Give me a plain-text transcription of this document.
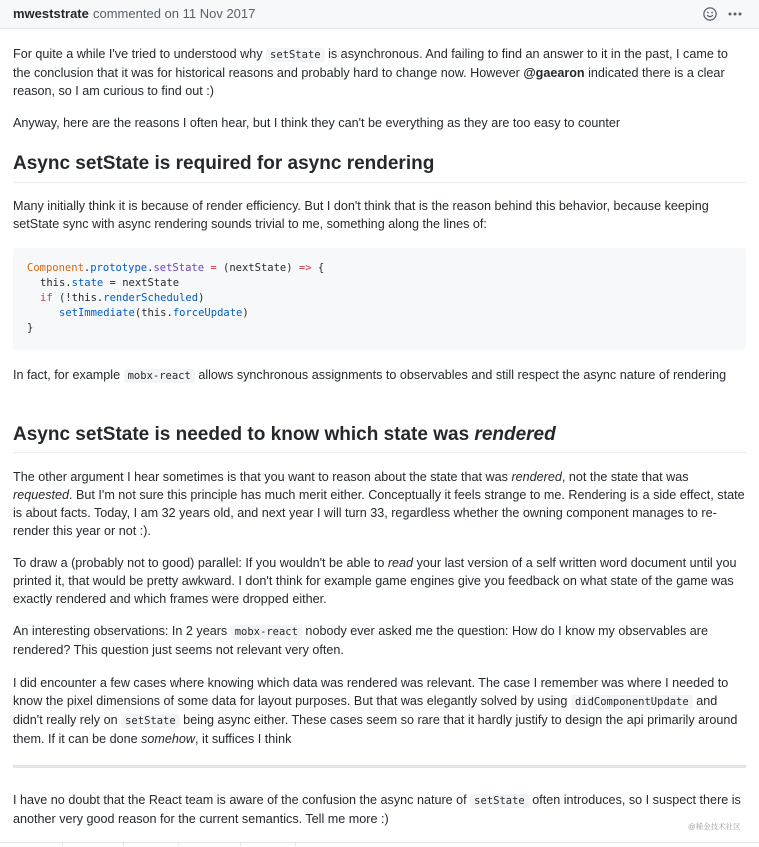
mweststrate commented on 11 Nov 2017

For quite a while I've tried to understood why setState is asynchronous. And failing to find an answer to it in the past, I came to the conclusion that it was for historical reasons and probably hard to change now. However @gaearon indicated there is a clear reason, so I am curious to find out :)

Anyway, here are the reasons I often hear, but I think they can't be everything as they are too easy to counter

Async setState is required for async rendering

Many initially think it is because of render efficiency. But I don't think that is the reason behind this behavior, because keeping setState sync with async rendering sounds trivial to me, something along the lines of:

Component.prototype.setState = (nextState) => {
this.state = nextState
if (!this.renderScheduled)
setImmediate(this.forceUpdate)
}

In fact, for example mobx-react allows synchronous assignments to observables and still respect the async nature of rendering

Async setState is needed to know which state was rendered

The other argument I hear sometimes is that you want to reason about the state that was rendered, not the state that was requested. But I'm not sure this principle has much merit either. Conceptually it feels strange to me. Rendering is a side effect, state is about facts. Today, I am 32 years old, and next year I will turn 33, regardless whether the owning component manages to re-render this year or not :).

To draw a (probably not to good) parallel: If you wouldn't be able to read your last version of a self written word document until you printed it, that would be pretty awkward. I don't think for example game engines give you feedback on what state of the game was exactly rendered and which frames were dropped either.

An interesting observations: In 2 years mobx-react nobody ever asked me the question: How do I know my observables are rendered? This question just seems not relevant very often.

I did encounter a few cases where knowing which data was rendered was relevant. The case I remember was where I needed to know the pixel dimensions of some data for layout purposes. But that was elegantly solved by using didComponentUpdate and didn't really rely on setState being async either. These cases seem so rare that it hardly justify to design the api primarily around them. If it can be done somehow, it suffices I think

I have no doubt that the React team is aware of the confusion the async nature of setState often introduces, so I suspect there is another very good reason for the current semantics. Tell me more :)

@稀金技术社区
